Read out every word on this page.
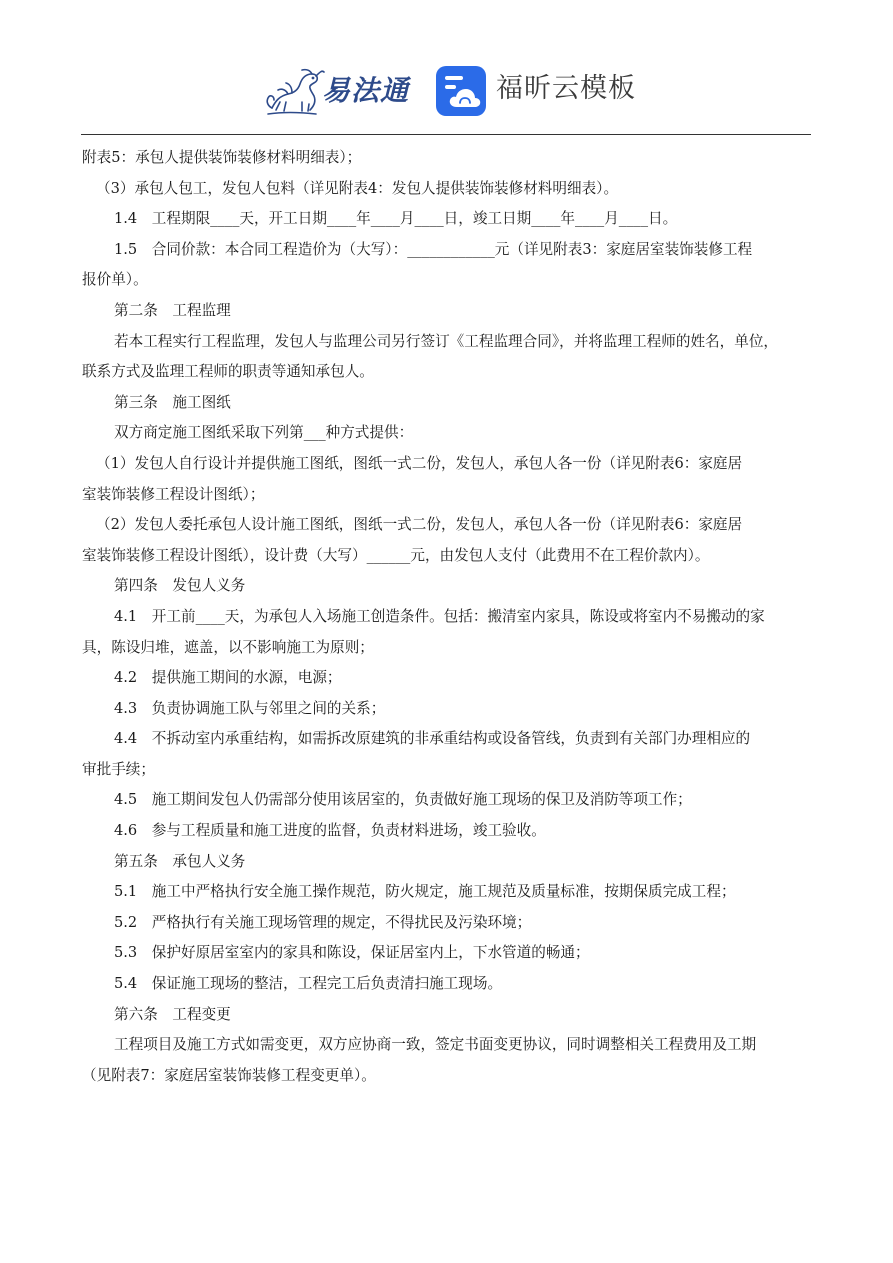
易法通	福昕云模板

附表5：承包人提供装饰装修材料明细表）；

（3）承包人包工，发包人包料（详见附表4：发包人提供装饰装修材料明细表）。

1.4　工程期限____天，开工日期____年____月____日，竣工日期____年____月____日。

1.5　合同价款：本合同工程造价为（大写）：____________元（详见附表3：家庭居室装饰装修工程

报价单）。

第二条　工程监理

若本工程实行工程监理，发包人与监理公司另行签订《工程监理合同》，并将监理工程师的姓名，单位，

联系方式及监理工程师的职责等通知承包人。

第三条　施工图纸

双方商定施工图纸采取下列第___种方式提供：

（1）发包人自行设计并提供施工图纸，图纸一式二份，发包人，承包人各一份（详见附表6：家庭居

室装饰装修工程设计图纸）；

（2）发包人委托承包人设计施工图纸，图纸一式二份，发包人，承包人各一份（详见附表6：家庭居

室装饰装修工程设计图纸），设计费（大写）______元，由发包人支付（此费用不在工程价款内）。

第四条　发包人义务

4.1　开工前____天，为承包人入场施工创造条件。包括：搬清室内家具，陈设或将室内不易搬动的家

具，陈设归堆，遮盖，以不影响施工为原则；

4.2　提供施工期间的水源，电源；

4.3　负责协调施工队与邻里之间的关系；

4.4　不拆动室内承重结构，如需拆改原建筑的非承重结构或设备管线，负责到有关部门办理相应的

审批手续；

4.5　施工期间发包人仍需部分使用该居室的，负责做好施工现场的保卫及消防等项工作；

4.6　参与工程质量和施工进度的监督，负责材料进场，竣工验收。

第五条　承包人义务

5.1　施工中严格执行安全施工操作规范，防火规定，施工规范及质量标准，按期保质完成工程；

5.2　严格执行有关施工现场管理的规定，不得扰民及污染环境；

5.3　保护好原居室室内的家具和陈设，保证居室内上，下水管道的畅通；

5.4　保证施工现场的整洁，工程完工后负责清扫施工现场。

第六条　工程变更

工程项目及施工方式如需变更，双方应协商一致，签定书面变更协议，同时调整相关工程费用及工期

（见附表7：家庭居室装饰装修工程变更单）。
